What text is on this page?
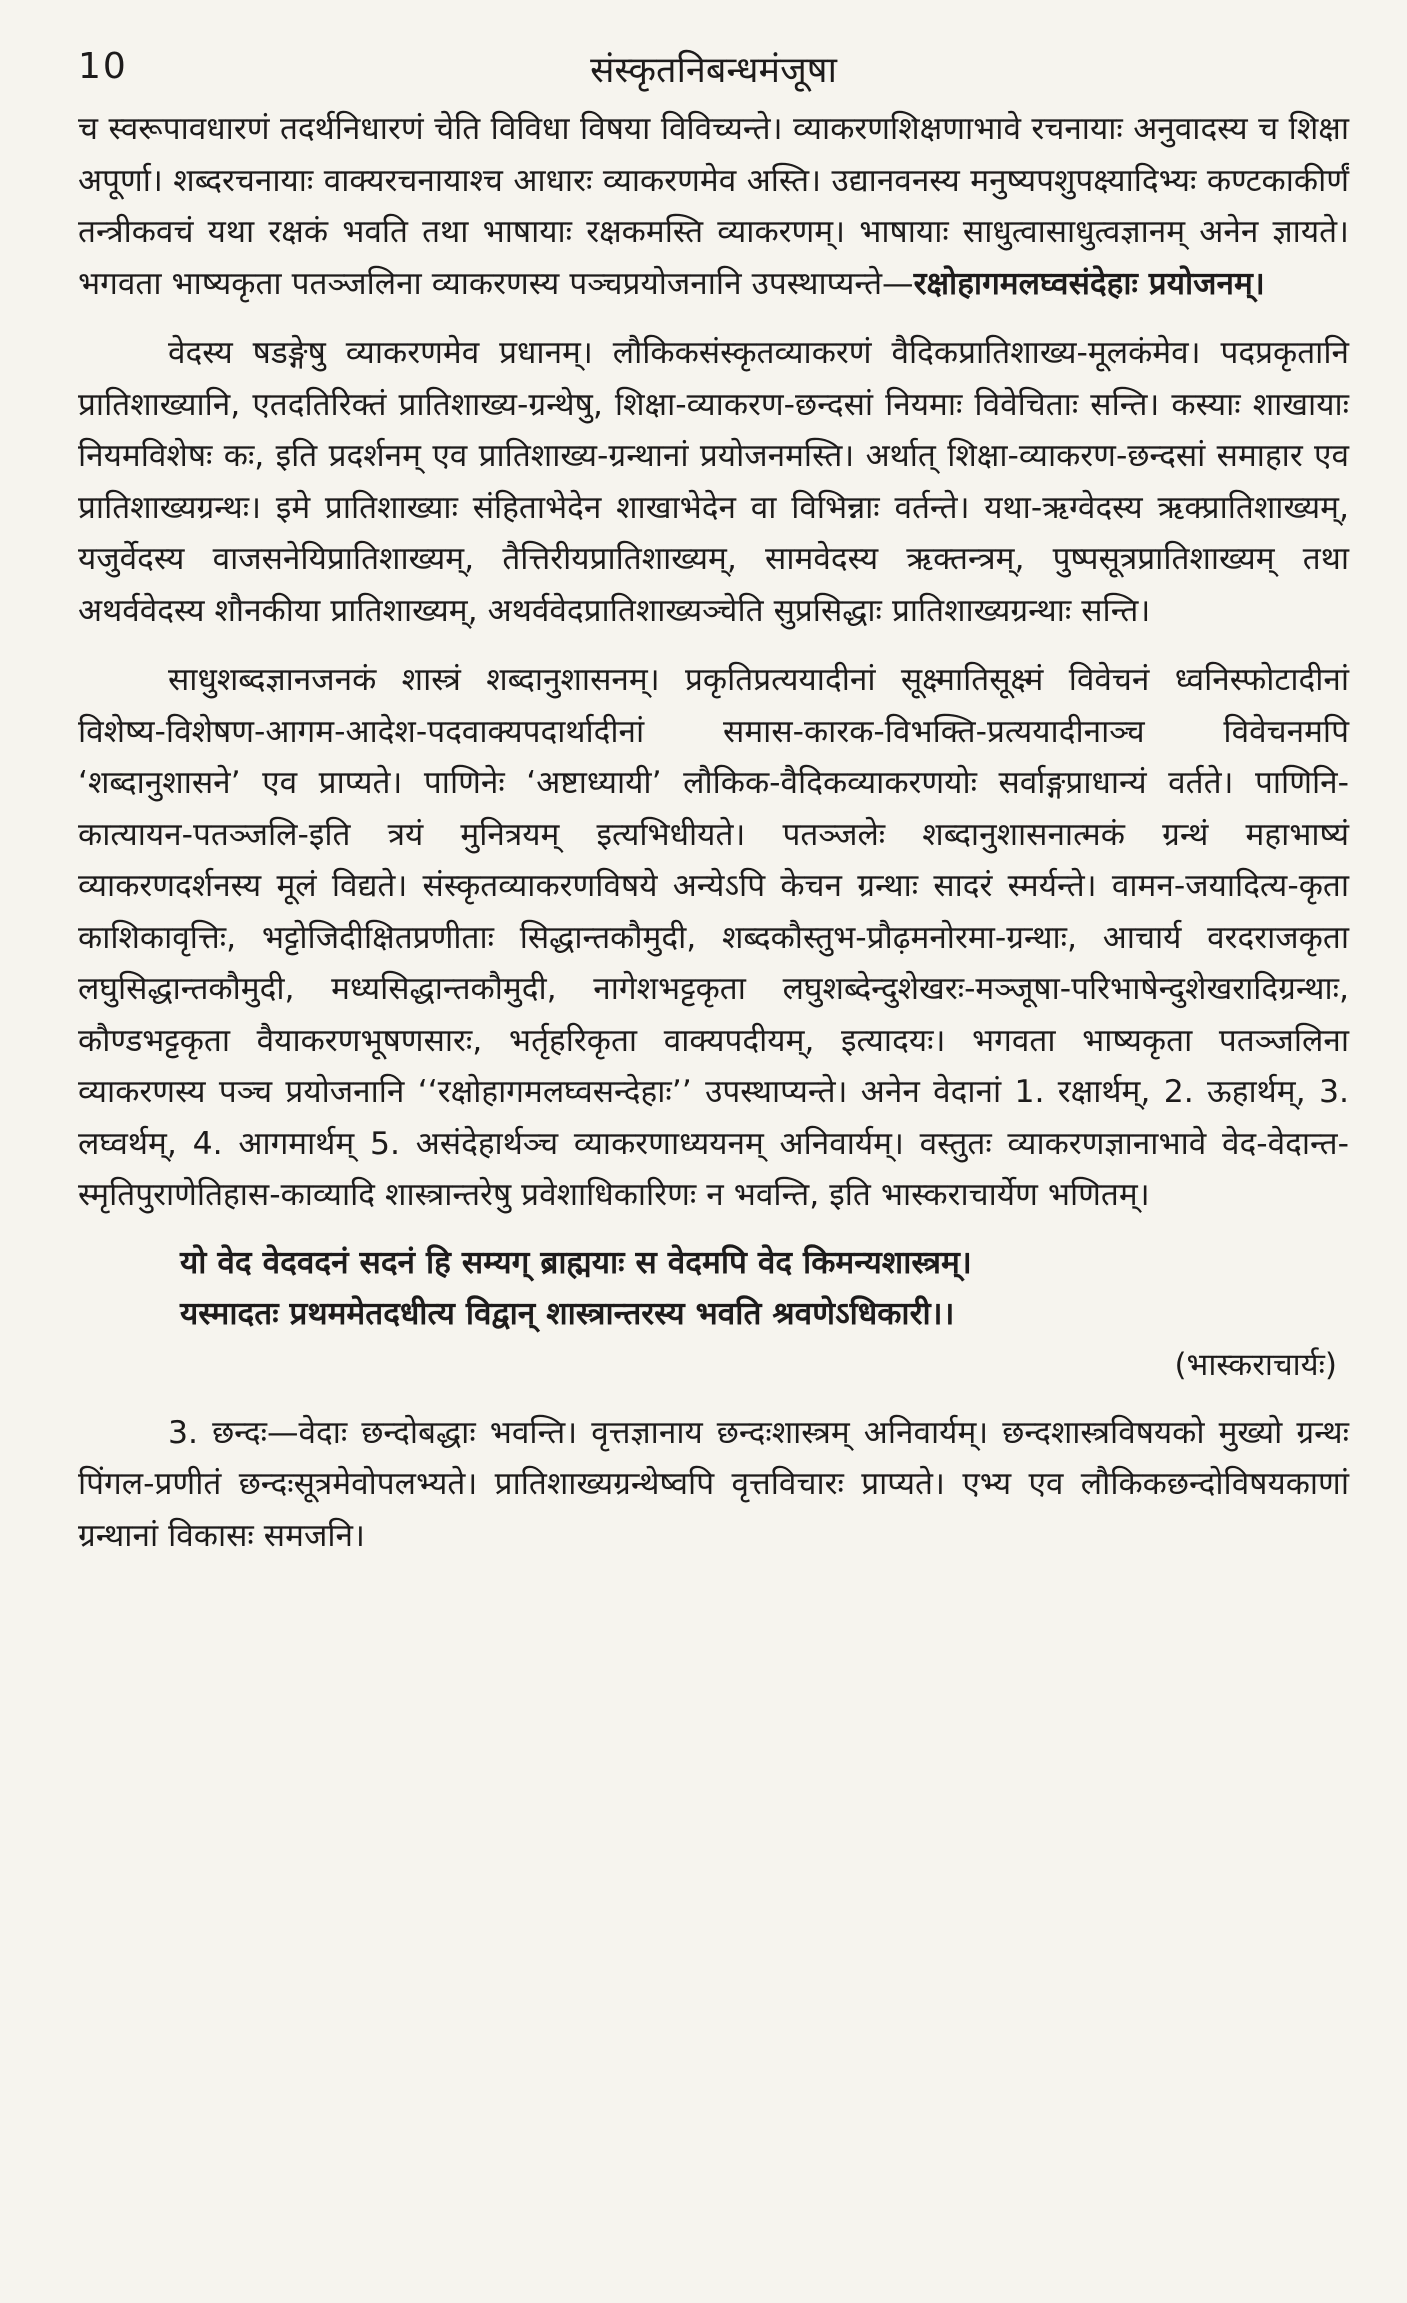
10	संस्कृतनिबन्धमंजूषा

च स्वरूपावधारणं तदर्थनिधारणं चेति विविधा विषया विविच्यन्ते। व्याकरणशिक्षणाभावे रचनायाः अनुवादस्य च शिक्षा अपूर्णा। शब्दरचनायाः वाक्यरचनायाश्च आधारः व्याकरणमेव अस्ति। उद्यानवनस्य मनुष्यपशुपक्ष्यादिभ्यः कण्टकाकीर्णं तन्त्रीकवचं यथा रक्षकं भवति तथा भाषायाः रक्षकमस्ति व्याकरणम्। भाषायाः साधुत्वासाधुत्वज्ञानम् अनेन ज्ञायते। भगवता भाष्यकृता पतञ्जलिना व्याकरणस्य पञ्चप्रयोजनानि उपस्थाप्यन्ते—रक्षोहागमलघ्वसंदेहाः प्रयोजनम्।

वेदस्य षडङ्गेषु व्याकरणमेव प्रधानम्। लौकिकसंस्कृतव्याकरणं वैदिकप्रातिशाख्य-मूलकंमेव। पदप्रकृतानि प्रातिशाख्यानि, एतदतिरिक्तं प्रातिशाख्य-ग्रन्थेषु, शिक्षा-व्याकरण-छन्दसां नियमाः विवेचिताः सन्ति। कस्याः शाखायाः नियमविशेषः कः, इति प्रदर्शनम् एव प्रातिशाख्य-ग्रन्थानां प्रयोजनमस्ति। अर्थात् शिक्षा-व्याकरण-छन्दसां समाहार एव प्रातिशाख्यग्रन्थः। इमे प्रातिशाख्याः संहिताभेदेन शाखाभेदेन वा विभिन्नाः वर्तन्ते। यथा-ऋग्वेदस्य ऋक्प्रातिशाख्यम्, यजुर्वेदस्य वाजसनेयिप्रातिशाख्यम्, तैत्तिरीयप्रातिशाख्यम्, सामवेदस्य ऋक्तन्त्रम्, पुष्पसूत्रप्रातिशाख्यम् तथा अथर्ववेदस्य शौनकीया प्रातिशाख्यम्, अथर्ववेदप्रातिशाख्यञ्चेति सुप्रसिद्धाः प्रातिशाख्यग्रन्थाः सन्ति।

साधुशब्दज्ञानजनकं शास्त्रं शब्दानुशासनम्। प्रकृतिप्रत्ययादीनां सूक्ष्मातिसूक्ष्मं विवेचनं ध्वनिस्फोटादीनां विशेष्य-विशेषण-आगम-आदेश-पदवाक्यपदार्थादीनां समास-कारक-विभक्ति-प्रत्ययादीनाञ्च विवेचनमपि ‘शब्दानुशासने’ एव प्राप्यते। पाणिनेः ‘अष्टाध्यायी’ लौकिक-वैदिकव्याकरणयोः सर्वाङ्गप्राधान्यं वर्तते। पाणिनि-कात्यायन-पतञ्जलि-इति त्रयं मुनित्रयम् इत्यभिधीयते। पतञ्जलेः शब्दानुशासनात्मकं ग्रन्थं महाभाष्यं व्याकरणदर्शनस्य मूलं विद्यते। संस्कृतव्याकरणविषये अन्येऽपि केचन ग्रन्थाः सादरं स्मर्यन्ते। वामन-जयादित्य-कृता काशिकावृत्तिः, भट्टोजिदीक्षितप्रणीताः सिद्धान्तकौमुदी, शब्दकौस्तुभ-प्रौढ़मनोरमा-ग्रन्थाः, आचार्य वरदराजकृता लघुसिद्धान्तकौमुदी, मध्यसिद्धान्तकौमुदी, नागेशभट्टकृता लघुशब्देन्दुशेखरः-मञ्जूषा-परिभाषेन्दुशेखरादिग्रन्थाः, कौण्डभट्टकृता वैयाकरणभूषणसारः, भर्तृहरिकृता वाक्यपदीयम्, इत्यादयः। भगवता भाष्यकृता पतञ्जलिना व्याकरणस्य पञ्च प्रयोजनानि ‘‘रक्षोहागमलघ्वसन्देहाः’’ उपस्थाप्यन्ते। अनेन वेदानां 1. रक्षार्थम्, 2. ऊहार्थम्, 3. लघ्वर्थम्, 4. आगमार्थम् 5. असंदेहार्थञ्च व्याकरणाध्ययनम् अनिवार्यम्। वस्तुतः व्याकरणज्ञानाभावे वेद-वेदान्त-स्मृतिपुराणेतिहास-काव्यादि शास्त्रान्तरेषु प्रवेशाधिकारिणः न भवन्ति, इति भास्कराचार्येण भणितम्।

यो वेद वेदवदनं सदनं हि सम्यग् ब्राह्मयाः स वेदमपि वेद किमन्यशास्त्रम्।
यस्मादतः प्रथममेतदधीत्य विद्वान् शास्त्रान्तरस्य भवति श्रवणेऽधिकारी।।
(भास्कराचार्यः)

3. छन्दः—वेदाः छन्दोबद्धाः भवन्ति। वृत्तज्ञानाय छन्दःशास्त्रम् अनिवार्यम्। छन्दशास्त्रविषयको मुख्यो ग्रन्थः पिंगल-प्रणीतं छन्दःसूत्रमेवोपलभ्यते। प्रातिशाख्यग्रन्थेष्वपि वृत्तविचारः प्राप्यते। एभ्य एव लौकिकछन्दोविषयकाणां ग्रन्थानां विकासः समजनि।
